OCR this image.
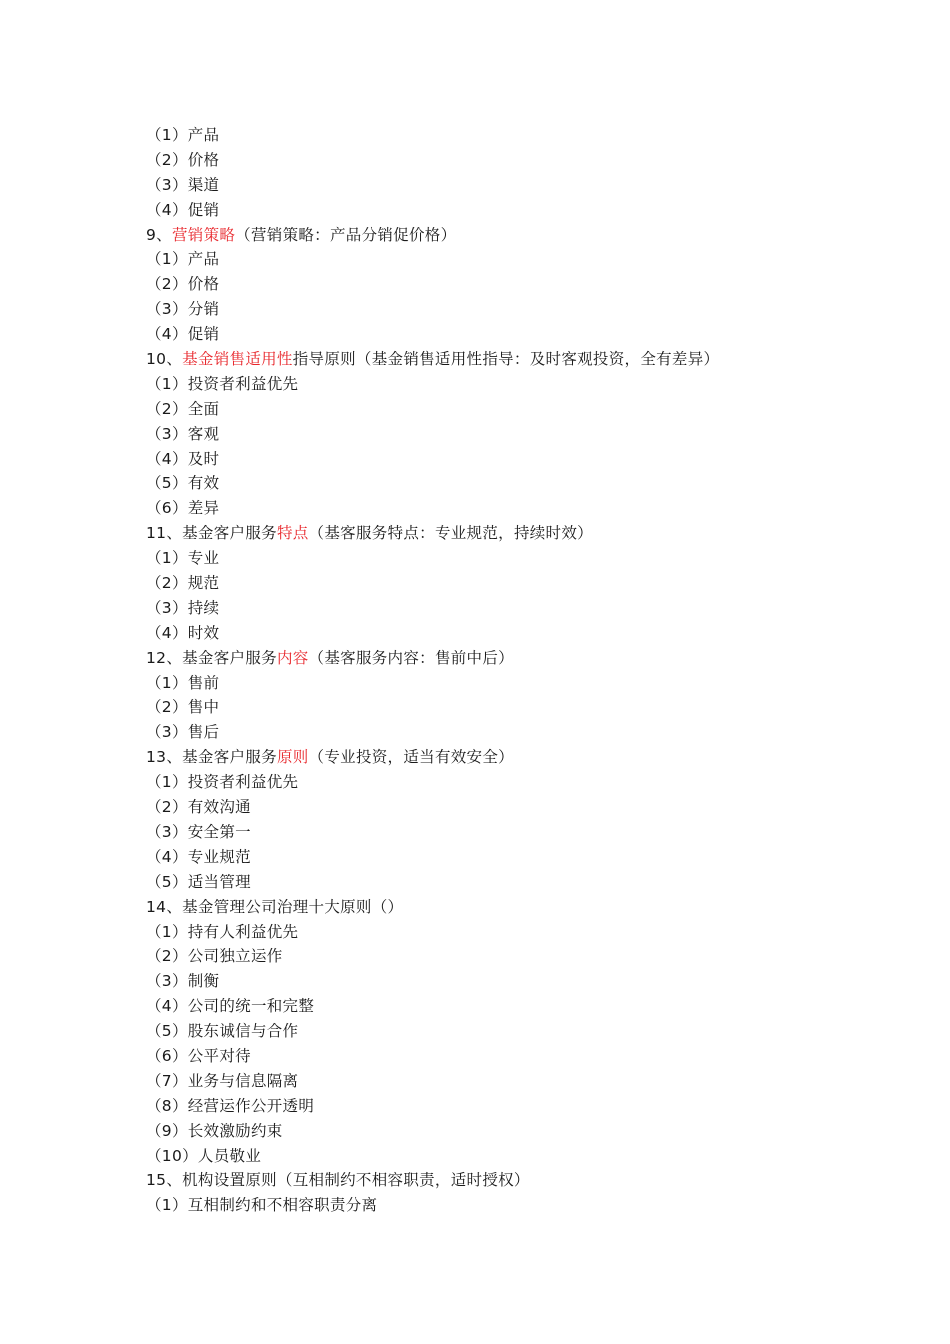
（1）产品
（2）价格
（3）渠道
（4）促销
9、营销策略（营销策略：产品分销促价格）
（1）产品
（2）价格
（3）分销
（4）促销
10、基金销售适用性指导原则（基金销售适用性指导：及时客观投资，全有差异）
（1）投资者利益优先
（2）全面
（3）客观
（4）及时
（5）有效
（6）差异
11、基金客户服务特点（基客服务特点：专业规范，持续时效）
（1）专业
（2）规范
（3）持续
（4）时效
12、基金客户服务内容（基客服务内容：售前中后）
（1）售前
（2）售中
（3）售后
13、基金客户服务原则（专业投资，适当有效安全）
（1）投资者利益优先
（2）有效沟通
（3）安全第一
（4）专业规范
（5）适当管理
14、基金管理公司治理十大原则（）
（1）持有人利益优先
（2）公司独立运作
（3）制衡
（4）公司的统一和完整
（5）股东诚信与合作
（6）公平对待
（7）业务与信息隔离
（8）经营运作公开透明
（9）长效激励约束
（10）人员敬业
15、机构设置原则（互相制约不相容职责，适时授权）
（1）互相制约和不相容职责分离
